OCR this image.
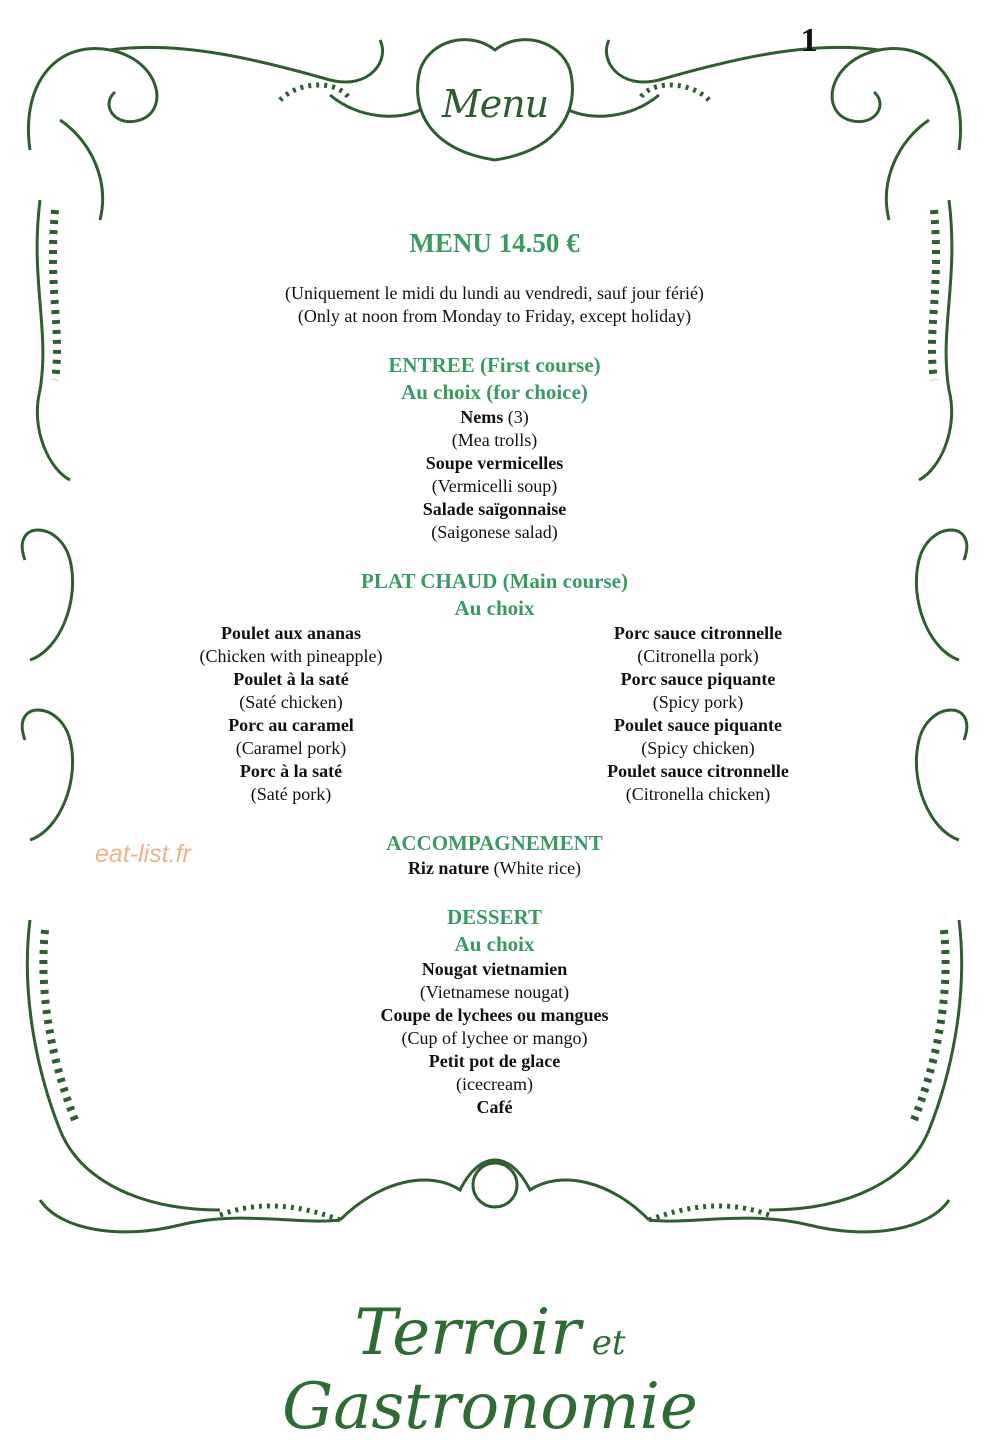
1
Menu
MENU 14.50 €
(Uniquement le midi du lundi au vendredi, sauf jour férié)
(Only at noon from Monday to Friday, except holiday)
ENTREE (First course)
Au choix (for choice)
Nems (3)
(Mea trolls)
Soupe vermicelles
(Vermicelli soup)
Salade saïgonnaise
(Saigonese salad)
PLAT CHAUD (Main course)
Au choix
Poulet aux ananas
(Chicken with pineapple)
Poulet à la saté
(Saté chicken)
Porc au caramel
(Caramel pork)
Porc à la saté
(Saté pork)
Porc sauce citronnelle
(Citronella pork)
Porc sauce piquante
(Spicy pork)
Poulet sauce piquante
(Spicy chicken)
Poulet sauce citronnelle
(Citronella chicken)
ACCOMPAGNEMENT
Riz nature (White rice)
DESSERT
Au choix
Nougat vietnamien
(Vietnamese nougat)
Coupe de lychees ou mangues
(Cup of lychee or mango)
Petit pot de glace
(icecream)
Café
eat-list.fr
Terroir et Gastronomie
